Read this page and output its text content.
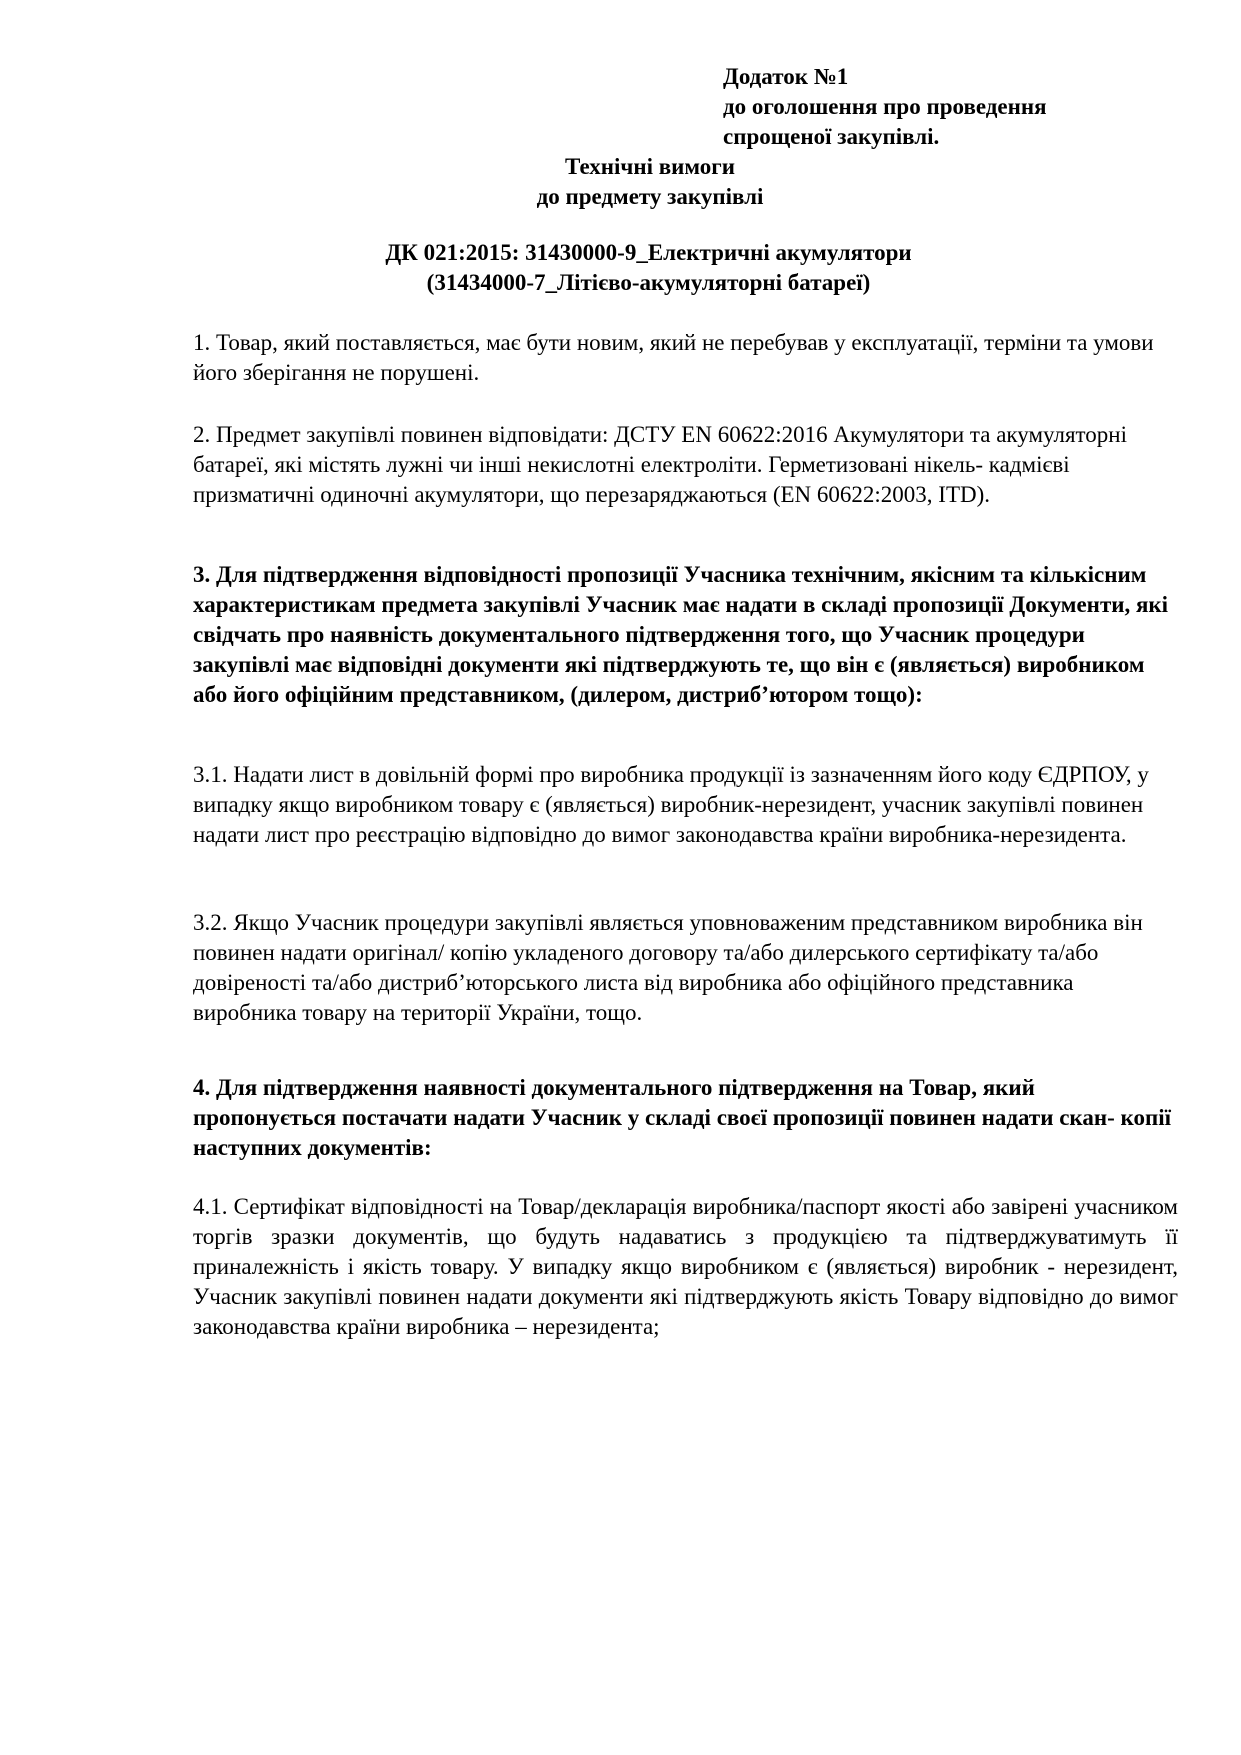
Додаток №1
до оголошення про проведення
спрощеної закупівлі.
Технічні вимоги
до предмету закупівлі
ДК 021:2015: 31430000-9_Електричні акумулятори
(31434000-7_Літієво-акумуляторні батареї)

1. Товар, який поставляється, має бути новим, який не перебував у експлуатації, терміни та умови його зберігання не порушені.

2. Предмет закупівлі повинен відповідати: ДСТУ EN 60622:2016 Акумулятори та акумуляторні батареї, які містять лужні чи інші некислотні електроліти. Герметизовані нікель- кадмієві призматичні одиночні акумулятори, що перезаряджаються (EN 60622:2003, IТD).

3. Для підтвердження відповідності пропозиції Учасника технічним, якісним та кількісним характеристикам предмета закупівлі Учасник має надати в складі пропозиції Документи, які свідчать про наявність документального підтвердження того, що Учасник процедури закупівлі має відповідні документи які підтверджують те, що він є (являється) виробником або його офіційним представником, (дилером, дистриб’ютором тощо):

3.1. Надати лист в довільній формі про виробника продукції із зазначенням його коду ЄДРПОУ, у випадку якщо виробником товару є (являється) виробник-нерезидент, учасник закупівлі повинен надати лист про реєстрацію відповідно до вимог законодавства країни виробника-нерезидента.

3.2. Якщо Учасник процедури закупівлі являється уповноваженим представником виробника він повинен надати оригінал/ копію укладеного договору та/або дилерського сертифікату та/або довіреності та/або дистриб’юторського листа від виробника або офіційного представника виробника товару на території України, тощо.

4. Для підтвердження наявності документального підтвердження на Товар, який пропонується постачати надати Учасник у складі своєї пропозиції повинен надати скан- копії наступних документів:

4.1. Сертифікат відповідності на Товар/декларація виробника/паспорт якості або завірені учасником торгів зразки документів, що будуть надаватись з продукцією та підтверджуватимуть її приналежність і якість товару. У випадку якщо виробником є (являється) виробник - нерезидент, Учасник закупівлі повинен надати документи які підтверджують якість Товару відповідно до вимог законодавства країни виробника – нерезидента;
